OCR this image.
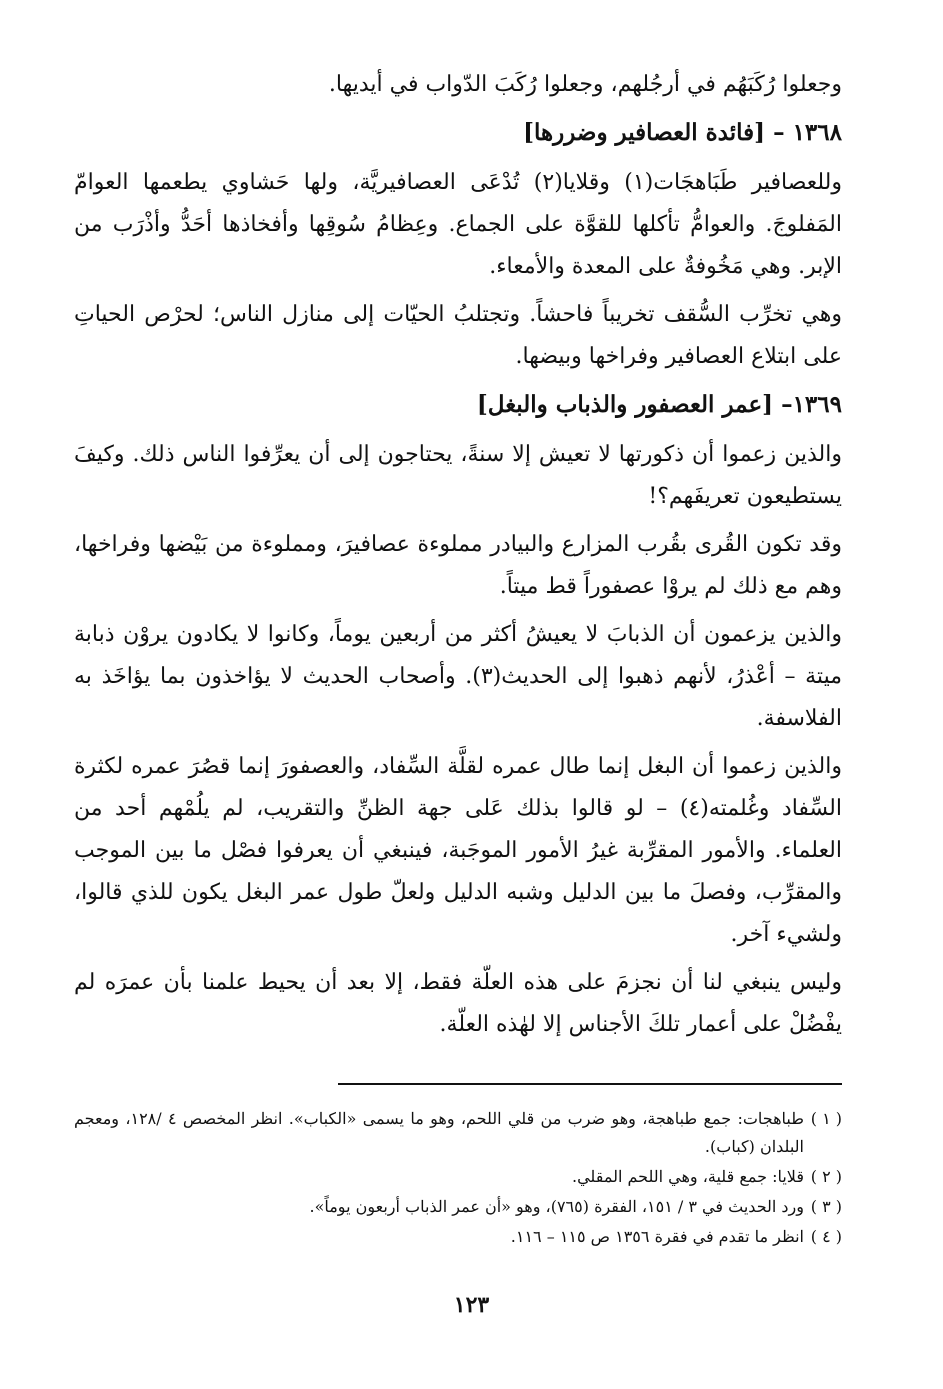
وجعلوا رُكَبَهُم في أرجُلهم، وجعلوا رُكَبَ الدّواب في أيديها.

١٣٦٨ – [فائدة العصافير وضررها]

وللعصافير طَبَاهجَات(١) وقلايا(٢) تُدْعَى العصافيريَّة، ولها حَشاوي يطعمها العوامّ المَفلوجَ. والعوامُّ تأكلها للقوَّة على الجماع. وعِظامُ سُوقِها وأفخاذها أحَدُّ وأذْرَب من الإبر. وهي مَخُوفةٌ على المعدة والأمعاء.

وهي تخرِّب السُّقف تخريباً فاحشاً. وتجتلبُ الحيّات إلى منازل الناس؛ لحرْص الحياتِ على ابتلاع العصافير وفراخها وبيضها.

١٣٦٩– [عمر العصفور والذباب والبغل]

والذين زعموا أن ذكورتها لا تعيش إلا سنةً، يحتاجون إلى أن يعرِّفوا الناس ذلك. وكيفَ يستطيعون تعريفَهم؟!

وقد تكون القُرى بقُرب المزارع والبيادر مملوءة عصافيرَ، ومملوءة من بَيْضها وفراخها، وهم مع ذلك لم يروْا عصفوراً قط ميتاً.

والذين يزعمون أن الذبابَ لا يعيشُ أكثر من أربعين يوماً، وكانوا لا يكادون يروْن ذبابة ميتة – أعْذرُ، لأنهم ذهبوا إلى الحديث(٣). وأصحاب الحديث لا يؤاخذون بما يؤاخَذ به الفلاسفة.

والذين زعموا أن البغل إنما طال عمره لقلَّة السِّفاد، والعصفورَ إنما قصُرَ عمره لكثرة السِّفاد وغُلمته(٤) – لو قالوا بذلك عَلى جهة الظنِّ والتقريب، لم يلُمْهم أحد من العلماء. والأمور المقرِّبة غيرُ الأمور الموجَبة، فينبغي أن يعرفوا فصْل ما بين الموجب والمقرِّب، وفصلَ ما بين الدليل وشبه الدليل ولعلّ طول عمر البغل يكون للذي قالوا، ولشيء آخر.

وليس ينبغي لنا أن نجزمَ على هذه العلّة فقط، إلا بعد أن يحيط علمنا بأن عمرَه لم يفْضُلْ على أعمار تلكَ الأجناس إلا لهٰذه العلّة.

( ١ )
طباهجات: جمع طباهجة، وهو ضرب من قلي اللحم، وهو ما يسمى «الكباب». انظر المخصص ٤ /١٢٨، ومعجم البلدان (كباب).
( ٢ )
قلايا: جمع قلية، وهي اللحم المقلي.
( ٣ )
ورد الحديث في ٣ / ١٥١، الفقرة (٧٦٥)، وهو «أن عمر الذباب أربعون يوماً».
( ٤ )
انظر ما تقدم في فقرة ١٣٥٦ ص ١١٥ – ١١٦.
١٢٣
